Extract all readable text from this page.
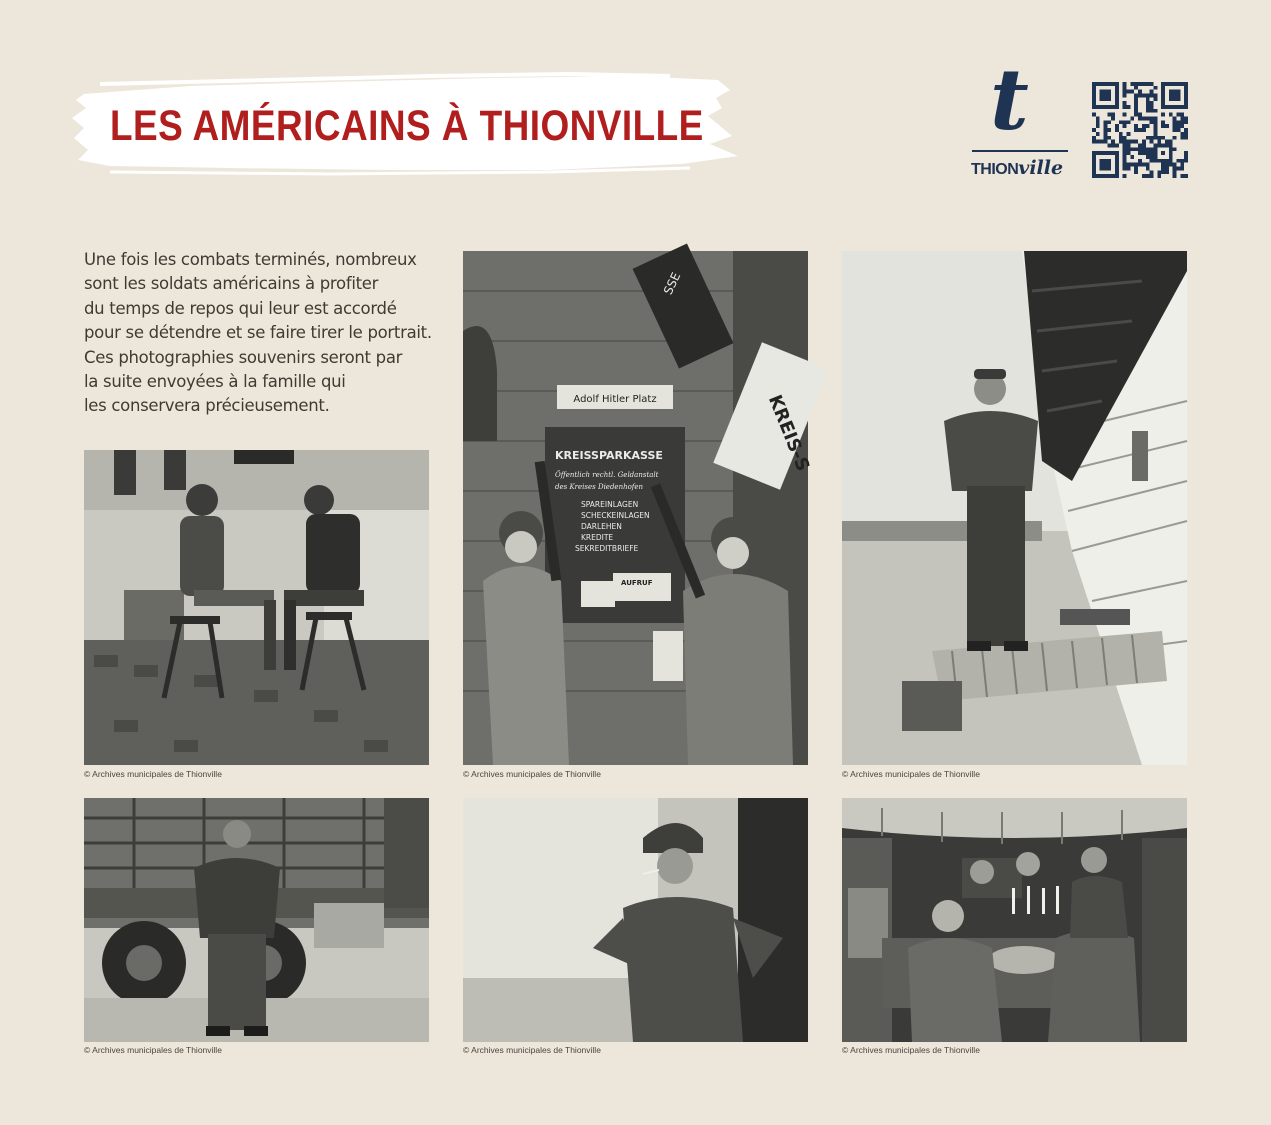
LES AMÉRICAINS À THIONVILLE	t
THIONville
Une fois les combats terminés, nombreux
sont les soldats américains à profiter
du temps de repos qui leur est accordé
pour se détendre et se faire tirer le portrait.
Ces photographies souvenirs seront par
la suite envoyées à la famille qui
les conservera précieusement.
© Archives municipales de Thionville
SSE
KREIS-S
Adolf Hitler Platz
KREISSPARKASSE
Öffentlich rechtl. Geldanstalt
des Kreises Diedenhofen
SPAREINLAGEN
SCHECKEINLAGEN
DARLEHEN
KREDITE
SEKREDITBRIEFE
AUFRUF
© Archives municipales de Thionville	© Archives municipales de Thionville
© Archives municipales de Thionville	© Archives municipales de Thionville	© Archives municipales de Thionville
